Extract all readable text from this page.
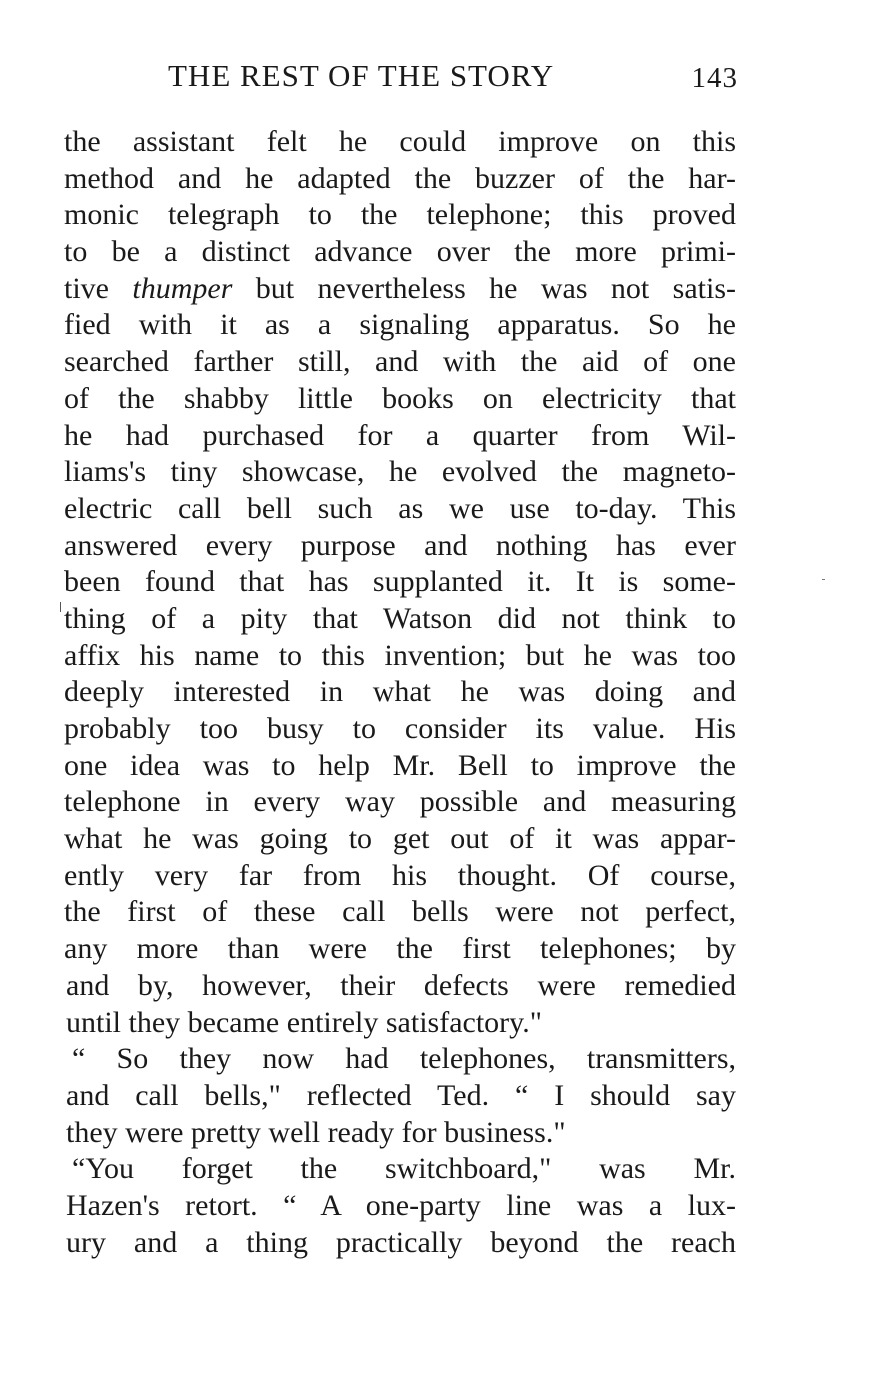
THE REST OF THE STORY	143
the assistant felt he could improve on this
method and he adapted the buzzer of the har-
monic telegraph to the telephone; this proved
to be a distinct advance over the more primi-
tive thumper but nevertheless he was not satis-
fied with it as a signaling apparatus. So he
searched farther still, and with the aid of one
of the shabby little books on electricity that
he had purchased for a quarter from Wil-
liams's tiny showcase, he evolved the magneto-
electric call bell such as we use to-day. This
answered every purpose and nothing has ever
been found that has supplanted it. It is some-
thing of a pity that Watson did not think to
affix his name to this invention; but he was too
deeply interested in what he was doing and
probably too busy to consider its value. His
one idea was to help Mr. Bell to improve the
telephone in every way possible and measuring
what he was going to get out of it was appar-
ently very far from his thought. Of course,
the first of these call bells were not perfect,
any more than were the first telephones; by
and by, however, their defects were remedied
until they became entirely satisfactory."
“ So they now had telephones, transmitters,
and call bells," reflected Ted. “ I should say
they were pretty well ready for business."
“You forget the switchboard," was Mr.
Hazen's retort. “ A one-party line was a lux-
ury and a thing practically beyond the reach
